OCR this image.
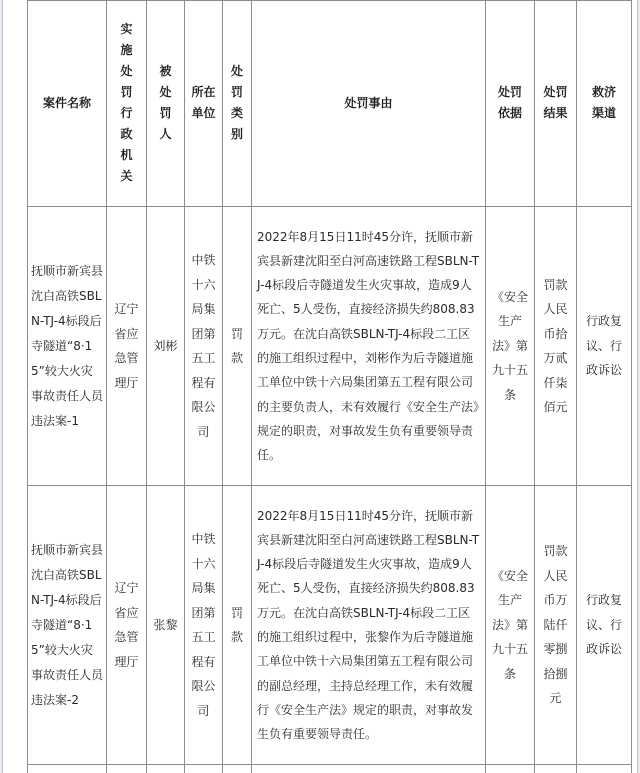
案件名称	实施处罚行政机关	被处罚人	所在单位	处罚类别	处罚事由	处罚依据	处罚结果	救济渠道
抚顺市新宾县沈白高铁SBLN-TJ-4标段后寺隧道“8·15”较大火灾事故责任人员违法案-1	辽宁省应急管理厅	刘彬	中铁十六局集团第五工程有限公司	罚款	2022年8月15日11时45分许，抚顺市新宾县新建沈阳至白河高速铁路工程SBLN-TJ-4标段后寺隧道发生火灾事故，造成9人死亡、5人受伤，直接经济损失约808.83万元。在沈白高铁SBLN-TJ-4标段二工区的施工组织过程中，刘彬作为后寺隧道施工单位中铁十六局集团第五工程有限公司的主要负责人，未有效履行《安全生产法》规定的职责，对事故发生负有重要领导责任。	《安全生产法》第九十五条	罚款人民币拾万贰仟柒佰元	行政复议、行政诉讼
抚顺市新宾县沈白高铁SBLN-TJ-4标段后寺隧道“8·15”较大火灾事故责任人员违法案-2	辽宁省应急管理厅	张黎	中铁十六局集团第五工程有限公司	罚款	2022年8月15日11时45分许，抚顺市新宾县新建沈阳至白河高速铁路工程SBLN-TJ-4标段后寺隧道发生火灾事故，造成9人死亡、5人受伤，直接经济损失约808.83万元。在沈白高铁SBLN-TJ-4标段二工区的施工组织过程中，张黎作为后寺隧道施工单位中铁十六局集团第五工程有限公司的副总经理，主持总经理工作，未有效履行《安全生产法》规定的职责，对事故发生负有重要领导责任。	《安全生产法》第九十五条	罚款人民币万陆仟零捌拾捌元	行政复议、行政诉讼
